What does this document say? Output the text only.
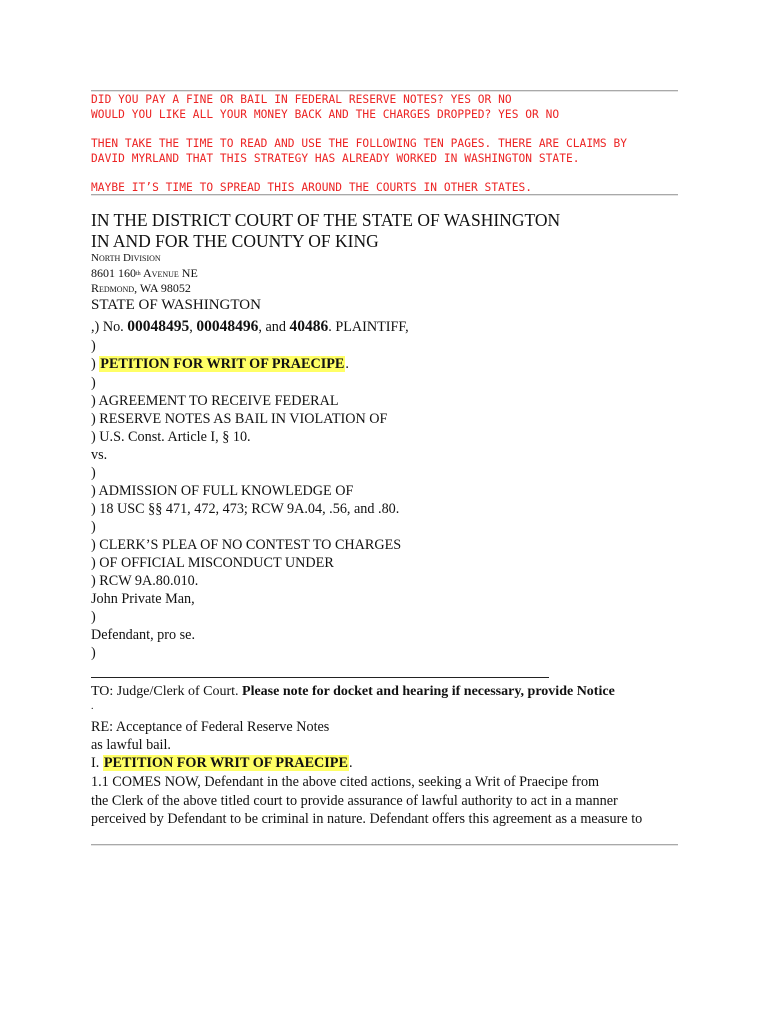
DID YOU PAY A FINE OR BAIL IN FEDERAL RESERVE NOTES? YES OR NO
WOULD YOU LIKE ALL YOUR MONEY BACK AND THE CHARGES DROPPED? YES OR NO
THEN TAKE THE TIME TO READ AND USE THE FOLLOWING TEN PAGES. THERE ARE CLAIMS BY
DAVID MYRLAND THAT THIS STRATEGY HAS ALREADY WORKED IN WASHINGTON STATE.
MAYBE IT’S TIME TO SPREAD THIS AROUND THE COURTS IN OTHER STATES.
IN THE DISTRICT COURT OF THE STATE OF WASHINGTON
IN AND FOR THE COUNTY OF KING
North Division
8601 160th Avenue NE
Redmond, WA 98052
STATE OF WASHINGTON
,) No. 00048495, 00048496, and 40486. PLAINTIFF,
)
) PETITION FOR WRIT OF PRAECIPE.
)
) AGREEMENT TO RECEIVE FEDERAL
) RESERVE NOTES AS BAIL IN VIOLATION OF
) U.S. Const. Article I, § 10.
vs.
)
) ADMISSION OF FULL KNOWLEDGE OF
) 18 USC §§ 471, 472, 473; RCW 9A.04, .56, and .80.
)
) CLERK’S PLEA OF NO CONTEST TO CHARGES
) OF OFFICIAL MISCONDUCT UNDER
) RCW 9A.80.010.
John Private Man,
)
Defendant, pro se.
)
TO: Judge/Clerk of Court. Please note for docket and hearing if necessary, provide Notice
.
RE: Acceptance of Federal Reserve Notes
as lawful bail.
I. PETITION FOR WRIT OF PRAECIPE.
1.1 COMES NOW, Defendant in the above cited actions, seeking a Writ of Praecipe from
the Clerk of the above titled court to provide assurance of lawful authority to act in a manner
perceived by Defendant to be criminal in nature. Defendant offers this agreement as a measure to
